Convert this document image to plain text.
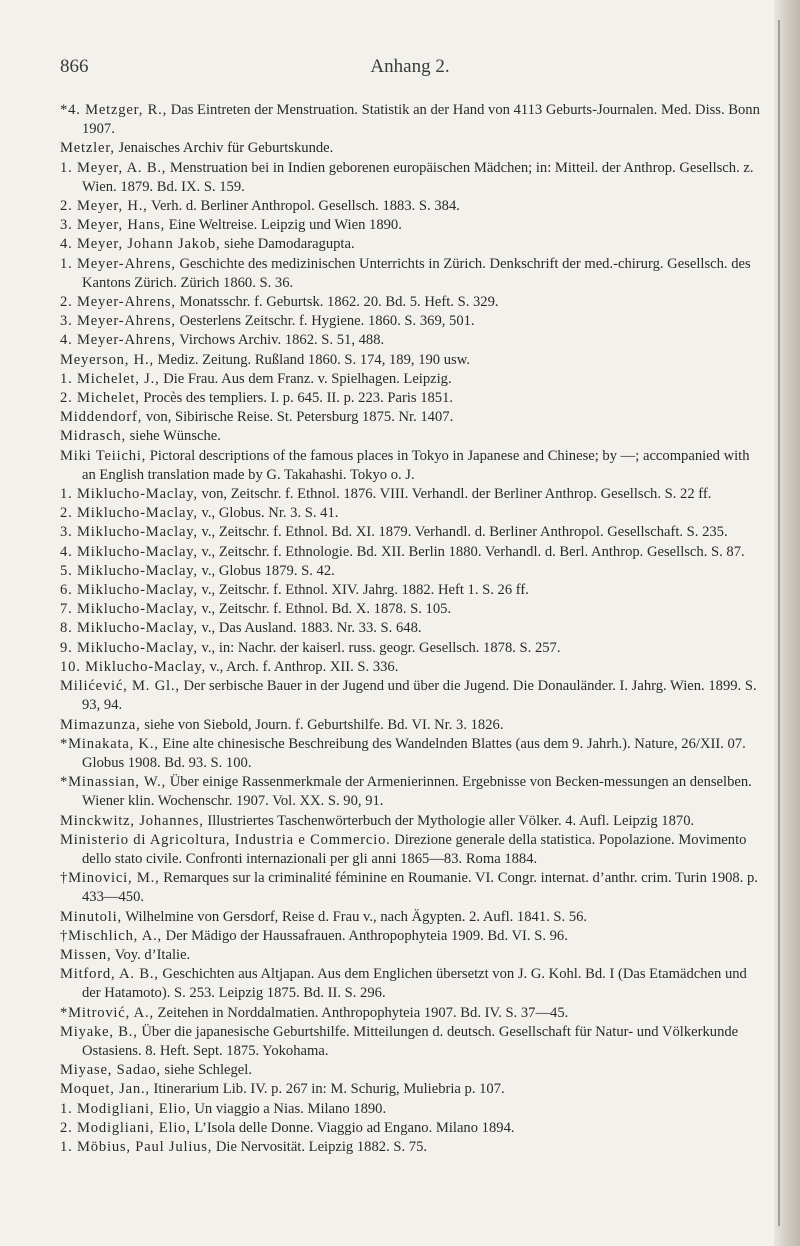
866	Anhang 2.

*4. Metzger, R., Das Eintreten der Menstruation. Statistik an der Hand von 4113 Geburts-Journalen. Med. Diss. Bonn 1907.

Metzler, Jenaisches Archiv für Geburtskunde.

1. Meyer, A. B., Menstruation bei in Indien geborenen europäischen Mädchen; in: Mitteil. der Anthrop. Gesellsch. z. Wien. 1879. Bd. IX. S. 159.

2. Meyer, H., Verh. d. Berliner Anthropol. Gesellsch. 1883. S. 384.

3. Meyer, Hans, Eine Weltreise. Leipzig und Wien 1890.

4. Meyer, Johann Jakob, siehe Damodaragupta.

1. Meyer-Ahrens, Geschichte des medizinischen Unterrichts in Zürich. Denkschrift der med.-chirurg. Gesellsch. des Kantons Zürich. Zürich 1860. S. 36.

2. Meyer-Ahrens, Monatsschr. f. Geburtsk. 1862. 20. Bd. 5. Heft. S. 329.

3. Meyer-Ahrens, Oesterlens Zeitschr. f. Hygiene. 1860. S. 369, 501.

4. Meyer-Ahrens, Virchows Archiv. 1862. S. 51, 488.

Meyerson, H., Mediz. Zeitung. Rußland 1860. S. 174, 189, 190 usw.

1. Michelet, J., Die Frau. Aus dem Franz. v. Spielhagen. Leipzig.

2. Michelet, Procès des templiers. I. p. 645. II. p. 223. Paris 1851.

Middendorf, von, Sibirische Reise. St. Petersburg 1875. Nr. 1407.

Midrasch, siehe Wünsche.

Miki Teiichi, Pictoral descriptions of the famous places in Tokyo in Japanese and Chinese; by —; accompanied with an English translation made by G. Takahashi. Tokyo o. J.

1. Miklucho-Maclay, von, Zeitschr. f. Ethnol. 1876. VIII. Verhandl. der Berliner Anthrop. Gesellsch. S. 22 ff.

2. Miklucho-Maclay, v., Globus. Nr. 3. S. 41.

3. Miklucho-Maclay, v., Zeitschr. f. Ethnol. Bd. XI. 1879. Verhandl. d. Berliner Anthropol. Gesellschaft. S. 235.

4. Miklucho-Maclay, v., Zeitschr. f. Ethnologie. Bd. XII. Berlin 1880. Verhandl. d. Berl. Anthrop. Gesellsch. S. 87.

5. Miklucho-Maclay, v., Globus 1879. S. 42.

6. Miklucho-Maclay, v., Zeitschr. f. Ethnol. XIV. Jahrg. 1882. Heft 1. S. 26 ff.

7. Miklucho-Maclay, v., Zeitschr. f. Ethnol. Bd. X. 1878. S. 105.

8. Miklucho-Maclay, v., Das Ausland. 1883. Nr. 33. S. 648.

9. Miklucho-Maclay, v., in: Nachr. der kaiserl. russ. geogr. Gesellsch. 1878. S. 257.

10. Miklucho-Maclay, v., Arch. f. Anthrop. XII. S. 336.

Milićević, M. Gl., Der serbische Bauer in der Jugend und über die Jugend. Die Donauländer. I. Jahrg. Wien. 1899. S. 93, 94.

Mimazunza, siehe von Siebold, Journ. f. Geburtshilfe. Bd. VI. Nr. 3. 1826.

*Minakata, K., Eine alte chinesische Beschreibung des Wandelnden Blattes (aus dem 9. Jahrh.). Nature, 26/XII. 07. Globus 1908. Bd. 93. S. 100.

*Minassian, W., Über einige Rassenmerkmale der Armenierinnen. Ergebnisse von Becken-messungen an denselben. Wiener klin. Wochenschr. 1907. Vol. XX. S. 90, 91.

Minckwitz, Johannes, Illustriertes Taschenwörterbuch der Mythologie aller Völker. 4. Aufl. Leipzig 1870.

Ministerio di Agricoltura, Industria e Commercio. Direzione generale della statistica. Popolazione. Movimento dello stato civile. Confronti internazionali per gli anni 1865—83. Roma 1884.

†Minovici, M., Remarques sur la criminalité féminine en Roumanie. VI. Congr. internat. d’anthr. crim. Turin 1908. p. 433—450.

Minutoli, Wilhelmine von Gersdorf, Reise d. Frau v., nach Ägypten. 2. Aufl. 1841. S. 56.

†Mischlich, A., Der Mädigo der Haussafrauen. Anthropophyteia 1909. Bd. VI. S. 96.

Missen, Voy. d’Italie.

Mitford, A. B., Geschichten aus Altjapan. Aus dem Englichen übersetzt von J. G. Kohl. Bd. I (Das Etamädchen und der Hatamoto). S. 253. Leipzig 1875. Bd. II. S. 296.

*Mitrović, A., Zeitehen in Norddalmatien. Anthropophyteia 1907. Bd. IV. S. 37—45.

Miyake, B., Über die japanesische Geburtshilfe. Mitteilungen d. deutsch. Gesellschaft für Natur- und Völkerkunde Ostasiens. 8. Heft. Sept. 1875. Yokohama.

Miyase, Sadao, siehe Schlegel.

Moquet, Jan., Itinerarium Lib. IV. p. 267 in: M. Schurig, Muliebria p. 107.

1. Modigliani, Elio, Un viaggio a Nias. Milano 1890.

2. Modigliani, Elio, L’Isola delle Donne. Viaggio ad Engano. Milano 1894.

1. Möbius, Paul Julius, Die Nervosität. Leipzig 1882. S. 75.
